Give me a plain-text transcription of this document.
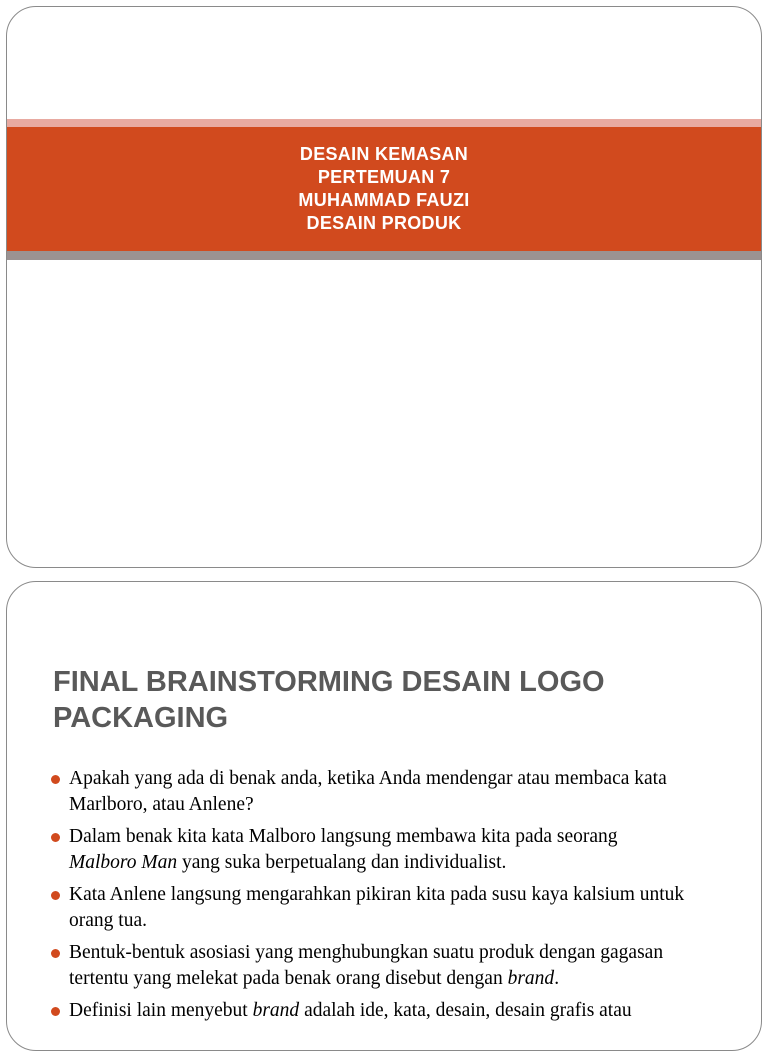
DESAIN KEMASAN
PERTEMUAN 7
MUHAMMAD FAUZI
DESAIN PRODUK
FINAL BRAINSTORMING DESAIN LOGO
PACKAGING
Apakah yang ada di benak anda, ketika Anda mendengar atau membaca kata
Marlboro, atau Anlene?
Dalam benak kita kata Malboro langsung membawa kita pada seorang
Malboro Man yang suka berpetualang dan individualist.
Kata Anlene langsung mengarahkan pikiran kita pada susu kaya kalsium untuk
orang tua.
Bentuk-bentuk asosiasi yang menghubungkan suatu produk dengan gagasan
tertentu yang melekat pada benak orang disebut dengan brand.
Definisi lain menyebut brand adalah ide, kata, desain, desain grafis atau
